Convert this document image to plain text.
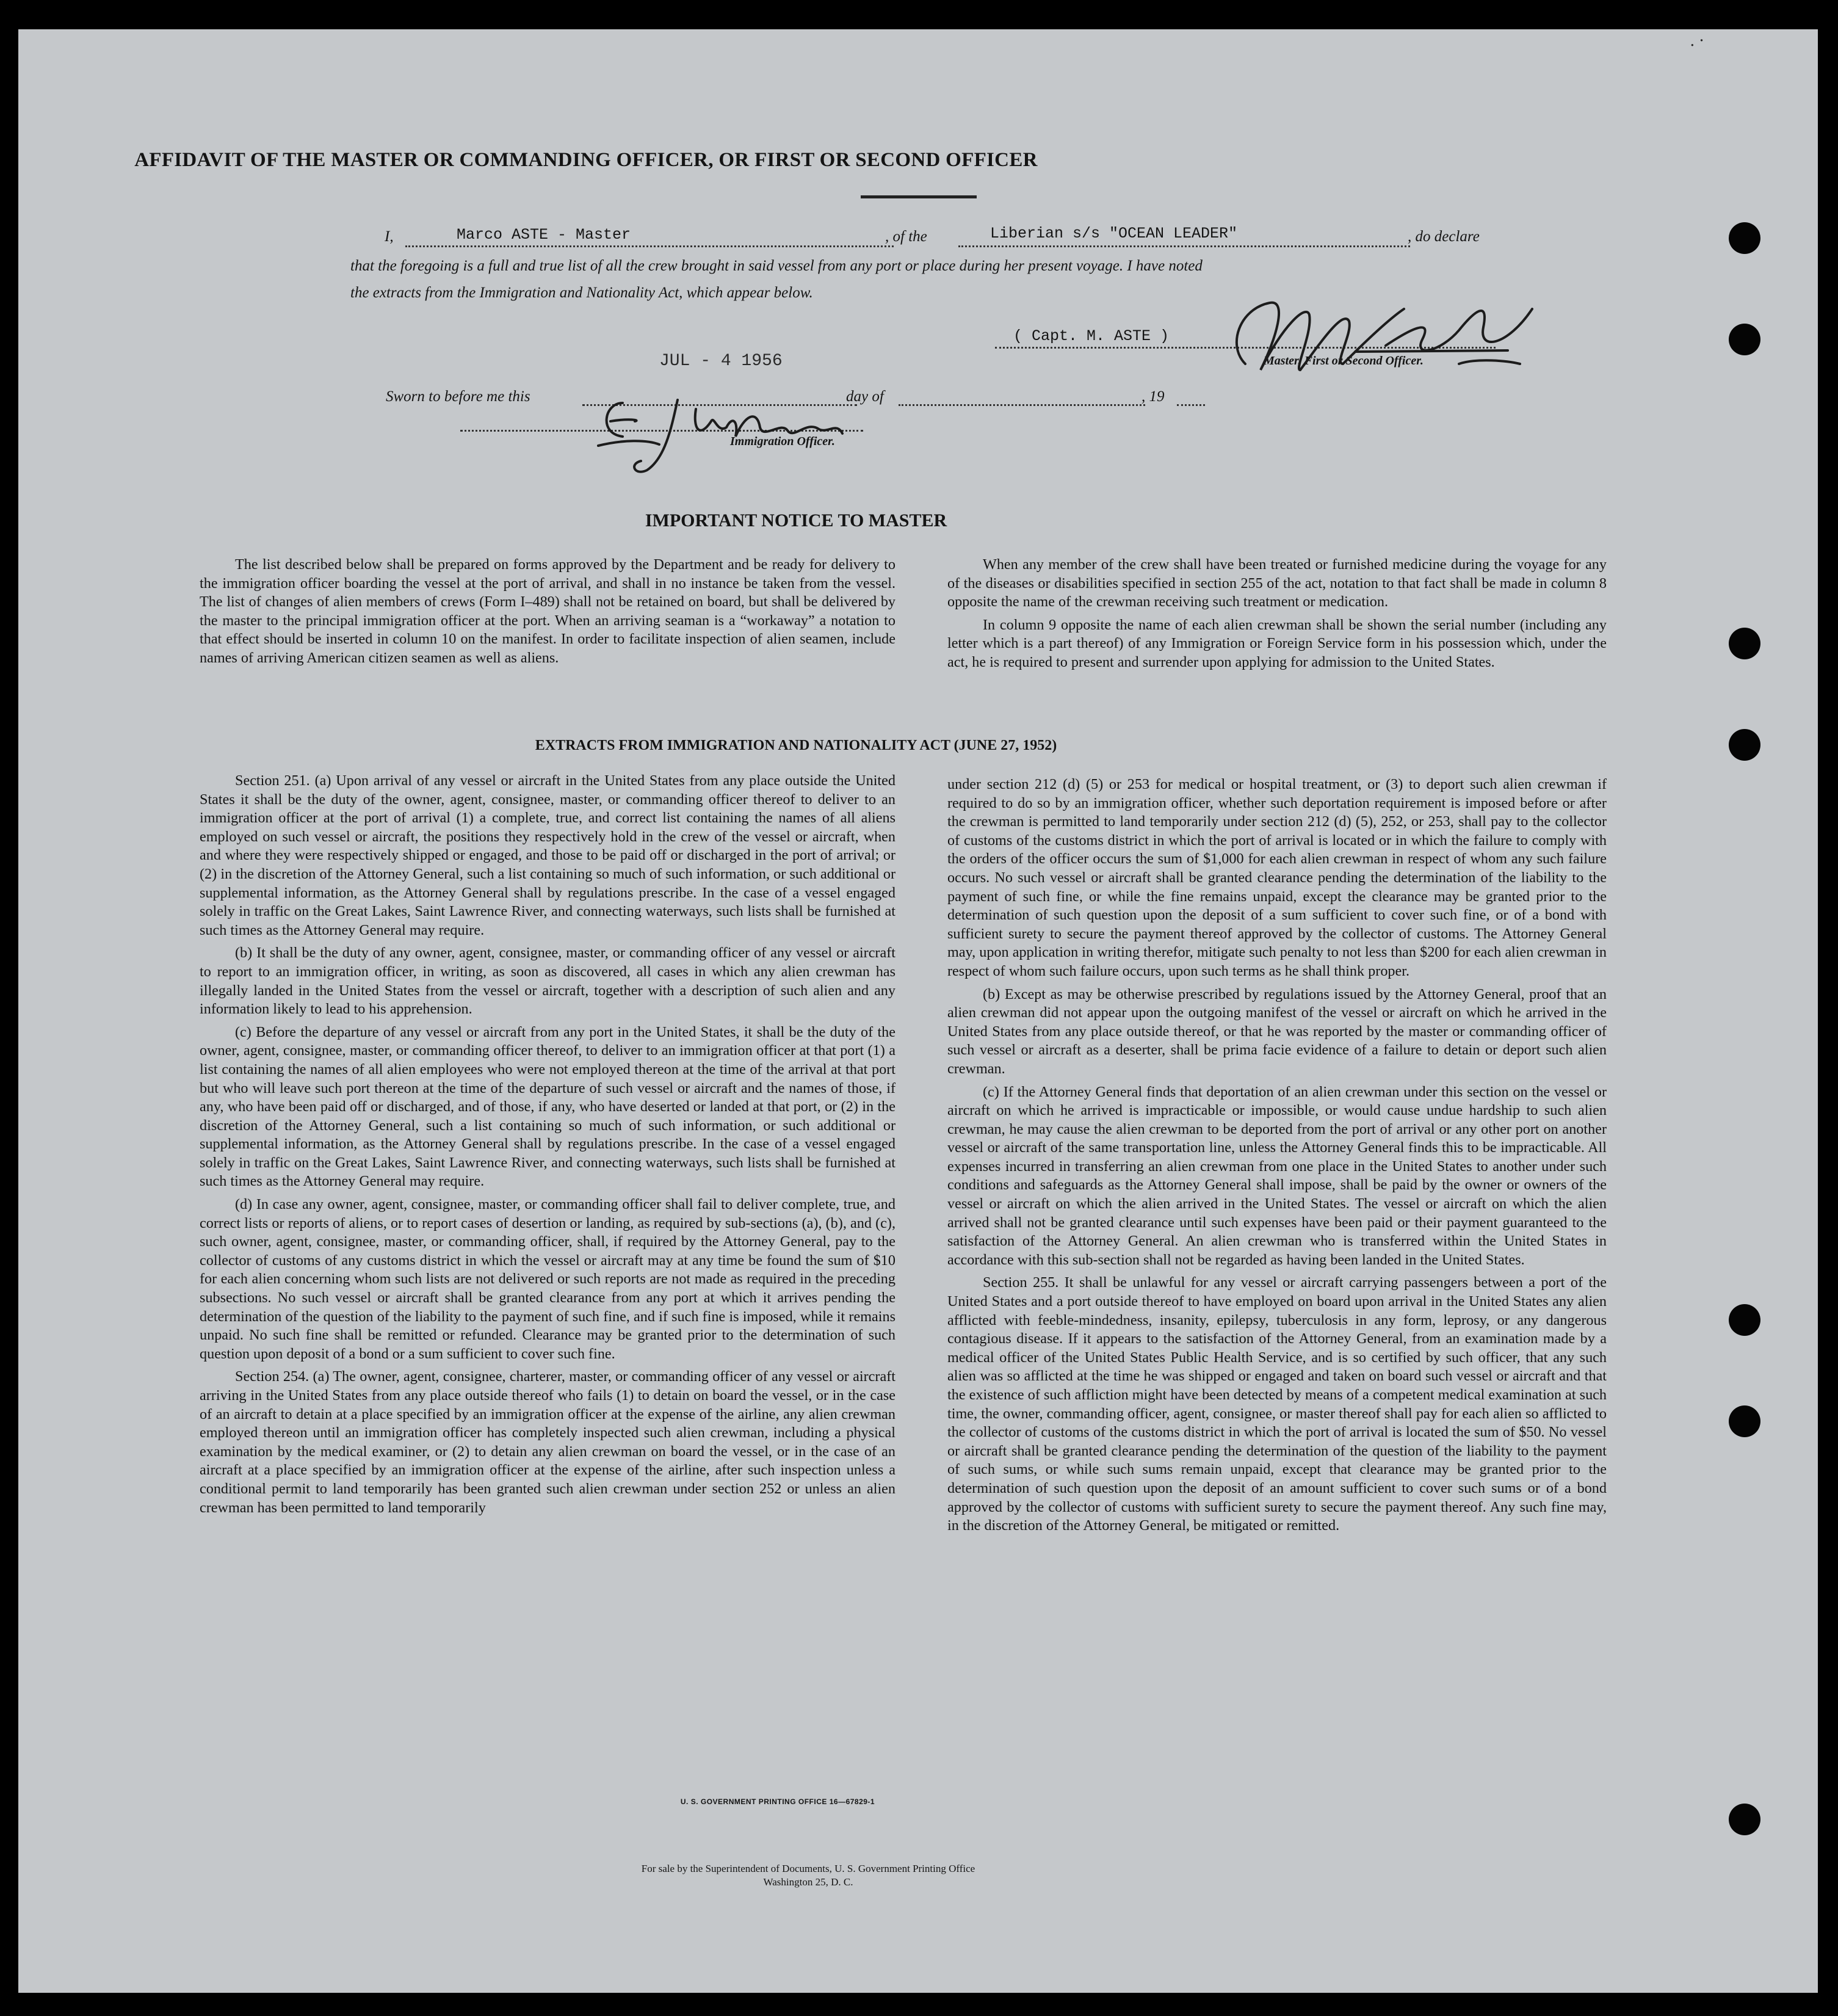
․ ⋅
AFFIDAVIT OF THE MASTER OR COMMANDING OFFICER, OR FIRST OR SECOND OFFICER
I,	Marco ASTE - Master	, of the	Liberian s/s "OCEAN LEADER"	, do declare
that the foregoing is a full and true list of all the crew brought in said vessel from any port or place during her present voyage. I have noted
the extracts from the Immigration and Nationality Act, which appear below.
( Capt. M. ASTE )
Master, First or Second Officer.
Sworn to before me this
JUL - 4 1956
day of	, 19
Immigration Officer.
IMPORTANT NOTICE TO MASTER

The list described below shall be prepared on forms approved by the Department and be ready for delivery to the immigration officer boarding the vessel at the port of arrival, and shall in no instance be taken from the vessel. The list of changes of alien members of crews (Form I–489) shall not be retained on board, but shall be delivered by the master to the principal immigration officer at the port. When an arriving seaman is a “workaway” a notation to that effect should be inserted in column 10 on the manifest. In order to facilitate inspection of alien seamen, include names of arriving American citizen seamen as well as aliens.

When any member of the crew shall have been treated or furnished medicine during the voyage for any of the diseases or disabilities specified in section 255 of the act, notation to that fact shall be made in column 8 opposite the name of the crewman receiving such treatment or medication.

In column 9 opposite the name of each alien crewman shall be shown the serial number (including any letter which is a part thereof) of any Immigration or Foreign Service form in his possession which, under the act, he is required to present and surrender upon applying for admission to the United States.

EXTRACTS FROM IMMIGRATION AND NATIONALITY ACT (JUNE 27, 1952)

Section 251. (a) Upon arrival of any vessel or aircraft in the United States from any place outside the United States it shall be the duty of the owner, agent, consignee, master, or commanding officer thereof to deliver to an immigration officer at the port of arrival (1) a complete, true, and correct list containing the names of all aliens employed on such vessel or aircraft, the positions they respectively hold in the crew of the vessel or aircraft, when and where they were respectively shipped or engaged, and those to be paid off or discharged in the port of arrival; or (2) in the discretion of the Attorney General, such a list containing so much of such information, or such additional or supplemental information, as the Attorney General shall by regulations prescribe. In the case of a vessel engaged solely in traffic on the Great Lakes, Saint Lawrence River, and connecting waterways, such lists shall be furnished at such times as the Attorney General may require.

(b) It shall be the duty of any owner, agent, consignee, master, or commanding officer of any vessel or aircraft to report to an immigration officer, in writing, as soon as discovered, all cases in which any alien crewman has illegally landed in the United States from the vessel or aircraft, together with a description of such alien and any information likely to lead to his apprehension.

(c) Before the departure of any vessel or aircraft from any port in the United States, it shall be the duty of the owner, agent, consignee, master, or commanding officer thereof, to deliver to an immigration officer at that port (1) a list containing the names of all alien employees who were not employed thereon at the time of the arrival at that port but who will leave such port thereon at the time of the departure of such vessel or aircraft and the names of those, if any, who have been paid off or discharged, and of those, if any, who have deserted or landed at that port, or (2) in the discretion of the Attorney General, such a list containing so much of such information, or such additional or supplemental information, as the Attorney General shall by regulations prescribe. In the case of a vessel engaged solely in traffic on the Great Lakes, Saint Lawrence River, and connecting waterways, such lists shall be furnished at such times as the Attorney General may require.

(d) In case any owner, agent, consignee, master, or commanding officer shall fail to deliver complete, true, and correct lists or reports of aliens, or to report cases of desertion or landing, as required by sub-sections (a), (b), and (c), such owner, agent, consignee, master, or commanding officer, shall, if required by the Attorney General, pay to the collector of customs of any customs district in which the vessel or aircraft may at any time be found the sum of $10 for each alien concerning whom such lists are not delivered or such reports are not made as required in the preceding subsections. No such vessel or aircraft shall be granted clearance from any port at which it arrives pending the determination of the question of the liability to the payment of such fine, and if such fine is imposed, while it remains unpaid. No such fine shall be remitted or refunded. Clearance may be granted prior to the determination of such question upon deposit of a bond or a sum sufficient to cover such fine.

Section 254. (a) The owner, agent, consignee, charterer, master, or commanding officer of any vessel or aircraft arriving in the United States from any place outside thereof who fails (1) to detain on board the vessel, or in the case of an aircraft to detain at a place specified by an immigration officer at the expense of the airline, any alien crewman employed thereon until an immigration officer has completely inspected such alien crewman, including a physical examination by the medical examiner, or (2) to detain any alien crewman on board the vessel, or in the case of an aircraft at a place specified by an immigration officer at the expense of the airline, after such inspection unless a conditional permit to land temporarily has been granted such alien crewman under section 252 or unless an alien crewman has been permitted to land temporarily

under section 212 (d) (5) or 253 for medical or hospital treatment, or (3) to deport such alien crewman if required to do so by an immigration officer, whether such deportation requirement is imposed before or after the crewman is permitted to land temporarily under section 212 (d) (5), 252, or 253, shall pay to the collector of customs of the customs district in which the port of arrival is located or in which the failure to comply with the orders of the officer occurs the sum of $1,000 for each alien crewman in respect of whom any such failure occurs. No such vessel or aircraft shall be granted clearance pending the determination of the liability to the payment of such fine, or while the fine remains unpaid, except the clearance may be granted prior to the determination of such question upon the deposit of a sum sufficient to cover such fine, or of a bond with sufficient surety to secure the payment thereof approved by the collector of customs. The Attorney General may, upon application in writing therefor, mitigate such penalty to not less than $200 for each alien crewman in respect of whom such failure occurs, upon such terms as he shall think proper.

(b) Except as may be otherwise prescribed by regulations issued by the Attorney General, proof that an alien crewman did not appear upon the outgoing manifest of the vessel or aircraft on which he arrived in the United States from any place outside thereof, or that he was reported by the master or commanding officer of such vessel or aircraft as a deserter, shall be prima facie evidence of a failure to detain or deport such alien crewman.

(c) If the Attorney General finds that deportation of an alien crewman under this section on the vessel or aircraft on which he arrived is impracticable or impossible, or would cause undue hardship to such alien crewman, he may cause the alien crewman to be deported from the port of arrival or any other port on another vessel or aircraft of the same transportation line, unless the Attorney General finds this to be impracticable. All expenses incurred in transferring an alien crewman from one place in the United States to another under such conditions and safeguards as the Attorney General shall impose, shall be paid by the owner or owners of the vessel or aircraft on which the alien arrived in the United States. The vessel or aircraft on which the alien arrived shall not be granted clearance until such expenses have been paid or their payment guaranteed to the satisfaction of the Attorney General. An alien crewman who is transferred within the United States in accordance with this sub-section shall not be regarded as having been landed in the United States.

Section 255. It shall be unlawful for any vessel or aircraft carrying passengers between a port of the United States and a port outside thereof to have employed on board upon arrival in the United States any alien afflicted with feeble-mindedness, insanity, epilepsy, tuberculosis in any form, leprosy, or any dangerous contagious disease. If it appears to the satisfaction of the Attorney General, from an examination made by a medical officer of the United States Public Health Service, and is so certified by such officer, that any such alien was so afflicted at the time he was shipped or engaged and taken on board such vessel or aircraft and that the existence of such affliction might have been detected by means of a competent medical examination at such time, the owner, commanding officer, agent, consignee, or master thereof shall pay for each alien so afflicted to the collector of customs of the customs district in which the port of arrival is located the sum of $50. No vessel or aircraft shall be granted clearance pending the determination of the question of the liability to the payment of such sums, or while such sums remain unpaid, except that clearance may be granted prior to the determination of such question upon the deposit of an amount sufficient to cover such sums or of a bond approved by the collector of customs with sufficient surety to secure the payment thereof. Any such fine may, in the discretion of the Attorney General, be mitigated or remitted.

U. S. GOVERNMENT PRINTING OFFICE 16—67829-1
For sale by the Superintendent of Documents, U. S. Government Printing Office
Washington 25, D. C.
